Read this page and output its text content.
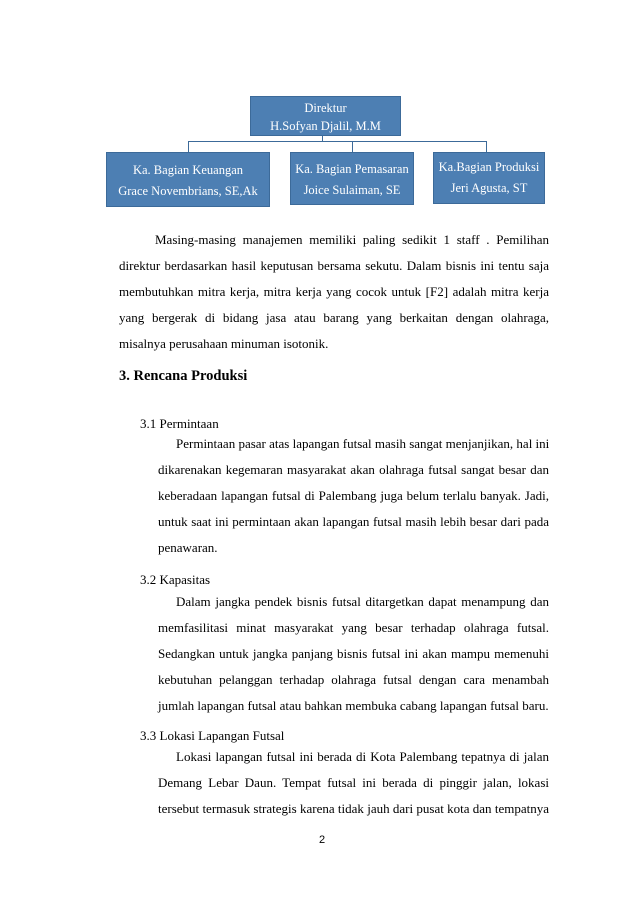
Direktur
H.Sofyan Djalil, M.M
Ka. Bagian Keuangan
Grace Novembrians, SE,Ak
Ka. Bagian Pemasaran
Joice Sulaiman, SE
Ka.Bagian Produksi
Jeri Agusta, ST
Masing-masing manajemen memiliki paling sedikit 1 staff . Pemilihan
direktur berdasarkan hasil keputusan bersama sekutu. Dalam bisnis ini tentu saja
membutuhkan mitra kerja, mitra kerja yang cocok untuk [F2] adalah mitra kerja
yang bergerak di bidang jasa atau barang yang berkaitan dengan olahraga,
misalnya perusahaan minuman isotonik.
3. Rencana Produksi
3.1 Permintaan
Permintaan pasar atas lapangan futsal masih sangat menjanjikan, hal ini
dikarenakan kegemaran masyarakat akan olahraga futsal sangat besar dan
keberadaan lapangan futsal di Palembang juga belum terlalu banyak. Jadi,
untuk saat ini permintaan akan lapangan futsal masih lebih besar dari pada
penawaran.
3.2 Kapasitas
Dalam jangka pendek bisnis futsal ditargetkan dapat menampung dan
memfasilitasi minat masyarakat yang besar terhadap olahraga futsal.
Sedangkan untuk jangka panjang bisnis futsal ini akan mampu memenuhi
kebutuhan pelanggan terhadap olahraga futsal dengan cara menambah
jumlah lapangan futsal atau bahkan membuka cabang lapangan futsal baru.
3.3 Lokasi Lapangan Futsal
Lokasi lapangan futsal ini berada di Kota Palembang tepatnya di jalan
Demang Lebar Daun. Tempat futsal ini berada di pinggir jalan, lokasi
tersebut termasuk strategis karena tidak jauh dari pusat kota dan tempatnya
2
